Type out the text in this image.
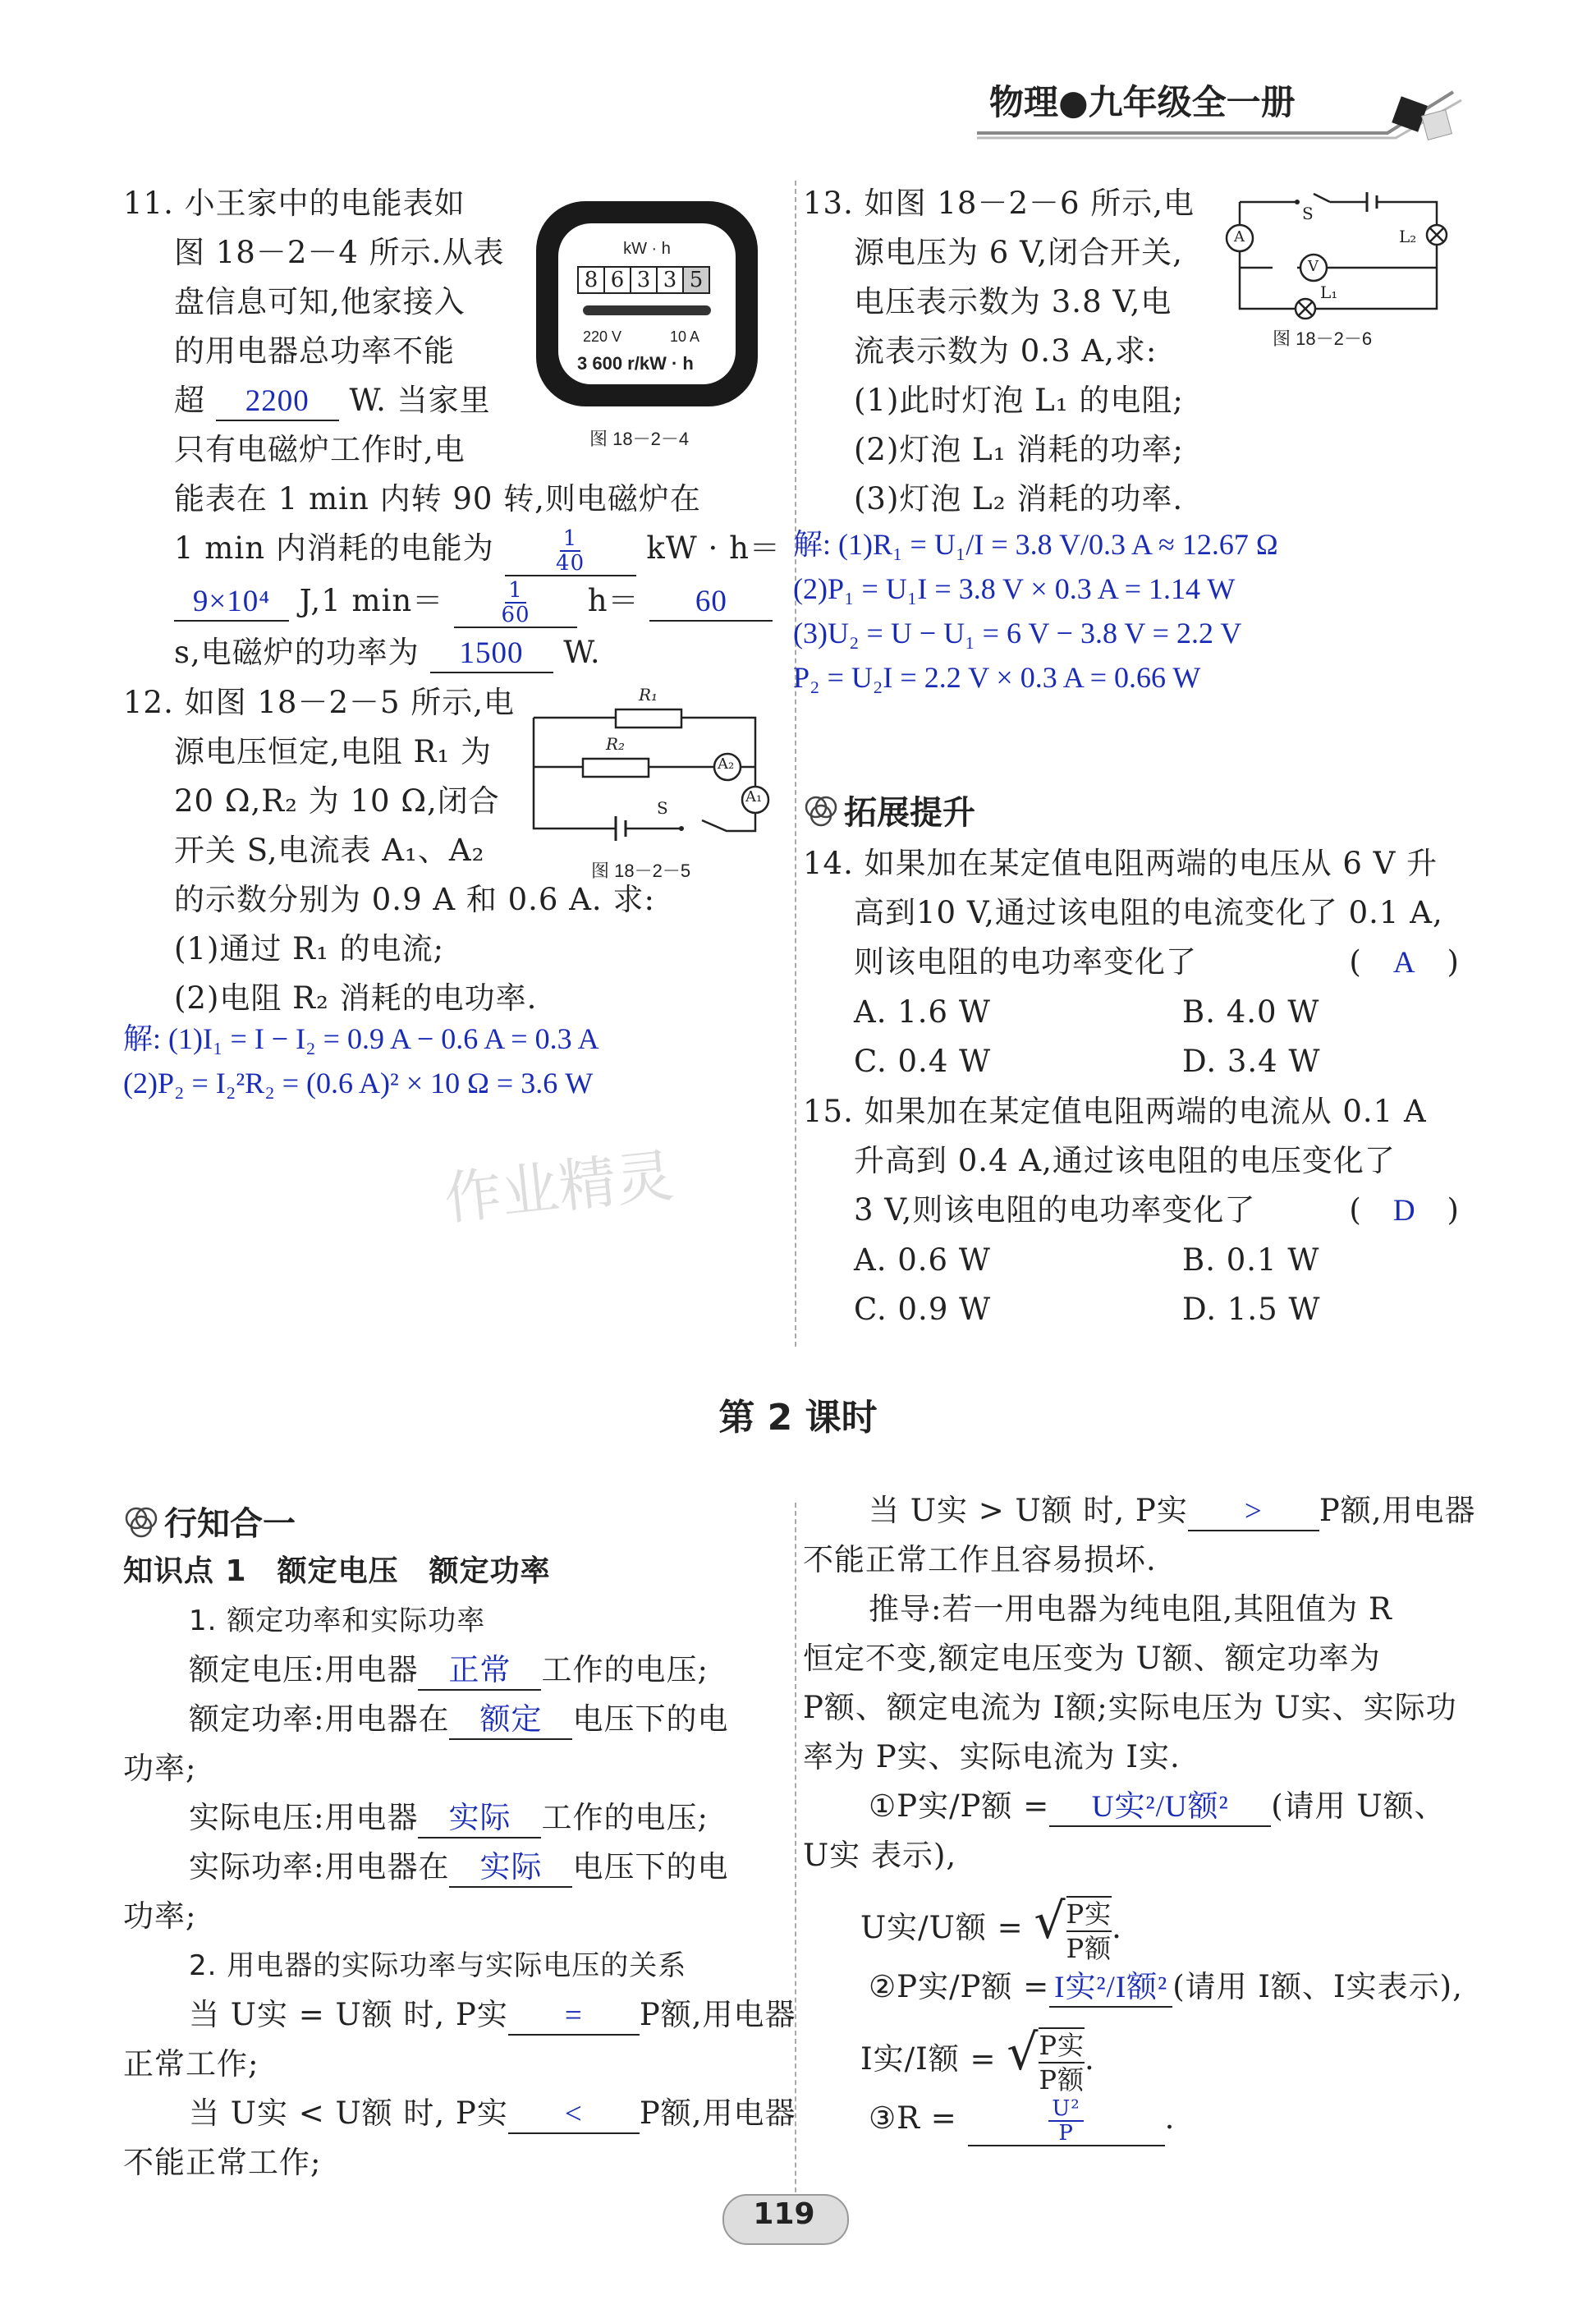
物理●九年级全一册
11. 小王家中的电能表如
图 18－2－4 所示.从表
盘信息可知,他家接入
的用电器总功率不能
超 2200 W. 当家里
只有电磁炉工作时,电
能表在 1 min 内转 90 转,则电磁炉在
1 min 内消耗的电能为	$\frac{1}{40}$ kW · h＝
9×10⁴ J,1 min＝	$\frac{1}{60} h= 60$
s,电磁炉的功率为 1500 W.
kW · h
8 6 3 3 5
220 V	10 A
3 600 r/kW · h
图 18－2－4
12. 如图 18－2－5 所示,电
源电压恒定,电阻 R₁ 为
20 Ω,R₂ 为 10 Ω,闭合
开关 S,电流表 A₁、A₂
的示数分别为 0.9 A 和 0.6 A. 求:
(1)通过 R₁ 的电流;
(2)电阻 R₂ 消耗的电功率.
解: (1)I₁ = I − I₂ = 0.9 A − 0.6 A = 0.3 A
(2)P₂ = I₂²R₂ = (0.6 A)² × 10 Ω = 3.6 W
R₁
R₂
A₂
A₁
S
图 18－2－5
13. 如图 18－2－6 所示,电
源电压为 6 V,闭合开关,
电压表示数为 3.8 V,电
流表示数为 0.3 A,求:
(1)此时灯泡 L₁ 的电阻;
(2)灯泡 L₁ 消耗的功率;
(3)灯泡 L₂ 消耗的功率.
解: (1)R₁ = U₁/I = 3.8 V/0.3 A ≈ 12.67 Ω
(2)P₁ = U₁I = 3.8 V × 0.3 A = 1.14 W
(3)U₂ = U − U₁ = 6 V − 3.8 V = 2.2 V
P₂ = U₂I = 2.2 V × 0.3 A = 0.66 W
S
A
V
L₂
L₁
图 18－2－6
拓展提升
14. 如果加在某定值电阻两端的电压从 6 V 升
高到10 V,通过该电阻的电流变化了 0.1 A,
则该电阻的电功率变化了	(　A　)
A. 1.6 W	B. 4.0 W
C. 0.4 W	D. 3.4 W
15. 如果加在某定值电阻两端的电流从 0.1 A
升高到 0.4 A,通过该电阻的电压变化了
3 V,则该电阻的电功率变化了	(　D　)
A. 0.6 W	B. 0.1 W
C. 0.9 W	D. 1.5 W
第 2 课时
行知合一
知识点 1　额定电压　额定功率
1. 额定功率和实际功率
额定电压:用电器 正常 工作的电压;
额定功率:用电器在 额定 电压下的电
功率;
实际电压:用电器 实际 工作的电压;
实际功率:用电器在 实际 电压下的电
功率;
2. 用电器的实际功率与实际电压的关系
当 U实 = U额 时, P实 = P额,用电器
正常工作;
当 U实 < U额 时, P实 < P额,用电器
不能正常工作;
当 U实 > U额 时, P实 > P额,用电器
不能正常工作且容易损坏.
推导:若一用电器为纯电阻,其阻值为 R
恒定不变,额定电压变为 U额、额定功率为
P额、额定电流为 I额;实际电压为 U实、实际功
率为 P实、实际电流为 I实.
①P实/P额 = U实²/U额² (请用 U额、
U实 表示),
U实/U额 = √ P实
P额
.
②P实/P额 = I实²/I额² (请用 I额、I实表示),
I实/I额 = √ P实
P额
.
③R =	$\frac{\text{U²}}{P}$	.
作业精灵
119
